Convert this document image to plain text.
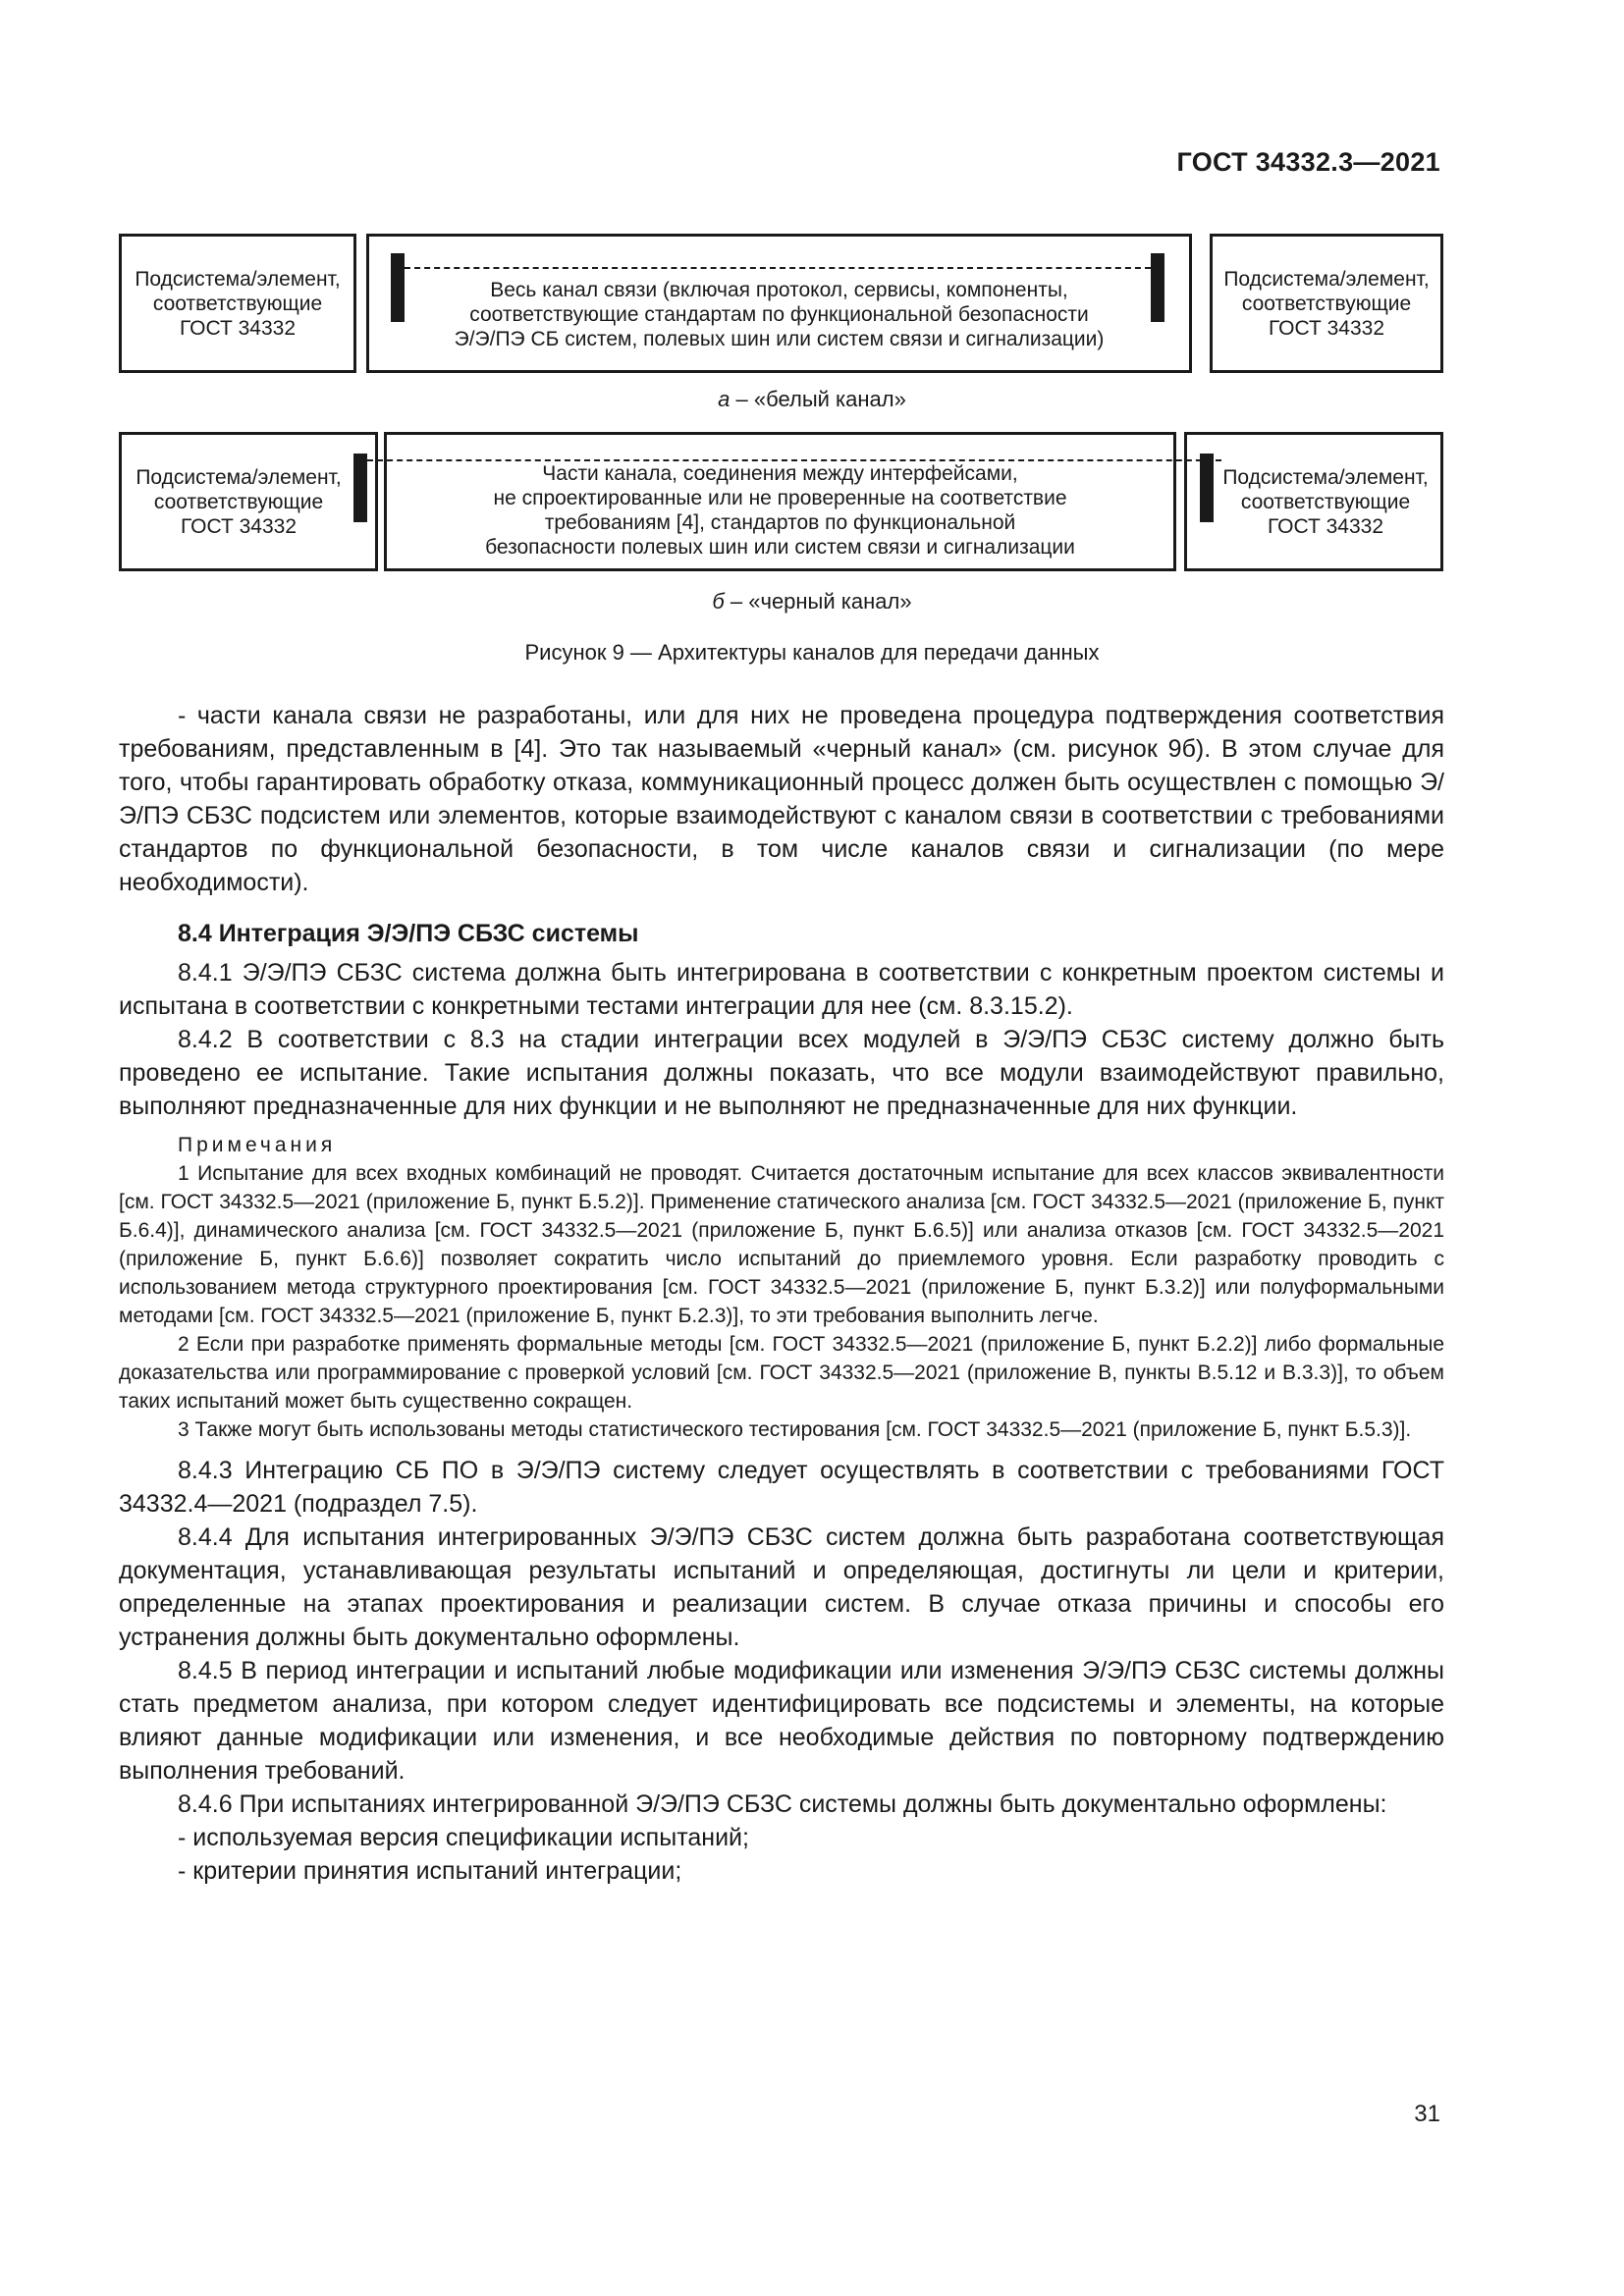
ГОСТ 34332.3—2021
Подсистема/элемент,
соответствующие
ГОСТ 34332
Весь канал связи (включая протокол, сервисы, компоненты,
соответствующие стандартам по функциональной безопасности
Э/Э/ПЭ СБ систем, полевых шин или систем связи и сигнализации)
Подсистема/элемент,
соответствующие
ГОСТ 34332
а – «белый канал»
Подсистема/элемент,
соответствующие
ГОСТ 34332
Части канала, соединения между интерфейсами,
не спроектированные или не проверенные на соответствие
требованиям [4], стандартов по функциональной
безопасности полевых шин или систем связи и сигнализации
Подсистема/элемент,
соответствующие
ГОСТ 34332
б – «черный канал»
Рисунок 9 — Архитектуры каналов для передачи данных

- части канала связи не разработаны, или для них не проведена процедура подтверждения соответствия требованиям, представленным в [4]. Это так называемый «черный канал» (см. рисунок 9б). В этом случае для того, чтобы гарантировать обработку отказа, коммуникационный процесс должен быть осуществлен с помощью Э/Э/ПЭ СБЗС подсистем или элементов, которые взаимодействуют с каналом связи в соответствии с требованиями стандартов по функциональной безопасности, в том числе каналов связи и сигнализации (по мере необходимости).

8.4 Интеграция Э/Э/ПЭ СБЗС системы

8.4.1 Э/Э/ПЭ СБЗС система должна быть интегрирована в соответствии с конкретным проектом системы и испытана в соответствии с конкретными тестами интеграции для нее (см. 8.3.15.2).

8.4.2 В соответствии с 8.3 на стадии интеграции всех модулей в Э/Э/ПЭ СБЗС систему должно быть проведено ее испытание. Такие испытания должны показать, что все модули взаимодействуют правильно, выполняют предназначенные для них функции и не выполняют не предназначенные для них функции.

Примечания

1 Испытание для всех входных комбинаций не проводят. Считается достаточным испытание для всех классов эквивалентности [см. ГОСТ 34332.5—2021 (приложение Б, пункт Б.5.2)]. Применение статического анализа [см. ГОСТ 34332.5—2021 (приложение Б, пункт Б.6.4)], динамического анализа [см. ГОСТ 34332.5—2021 (приложение Б, пункт Б.6.5)] или анализа отказов [см. ГОСТ 34332.5—2021 (приложение Б, пункт Б.6.6)] позволяет сократить число испытаний до приемлемого уровня. Если разработку проводить с использованием метода структурного проектирования [см. ГОСТ 34332.5—2021 (приложение Б, пункт Б.3.2)] или полуформальными методами [см. ГОСТ 34332.5—2021 (приложение Б, пункт Б.2.3)], то эти требования выполнить легче.

2 Если при разработке применять формальные методы [см. ГОСТ 34332.5—2021 (приложение Б, пункт Б.2.2)] либо формальные доказательства или программирование с проверкой условий [см. ГОСТ 34332.5—2021 (приложение В, пункты В.5.12 и В.3.3)], то объем таких испытаний может быть существенно сокращен.

3 Также могут быть использованы методы статистического тестирования [см. ГОСТ 34332.5—2021 (приложение Б, пункт Б.5.3)].

8.4.3 Интеграцию СБ ПО в Э/Э/ПЭ систему следует осуществлять в соответствии с требованиями ГОСТ 34332.4—2021 (подраздел 7.5).

8.4.4 Для испытания интегрированных Э/Э/ПЭ СБЗС систем должна быть разработана соответствующая документация, устанавливающая результаты испытаний и определяющая, достигнуты ли цели и критерии, определенные на этапах проектирования и реализации систем. В случае отказа причины и способы его устранения должны быть документально оформлены.

8.4.5 В период интеграции и испытаний любые модификации или изменения Э/Э/ПЭ СБЗС системы должны стать предметом анализа, при котором следует идентифицировать все подсистемы и элементы, на которые влияют данные модификации или изменения, и все необходимые действия по повторному подтверждению выполнения требований.

8.4.6 При испытаниях интегрированной Э/Э/ПЭ СБЗС системы должны быть документально оформлены:

- используемая версия спецификации испытаний;

- критерии принятия испытаний интеграции;

31
